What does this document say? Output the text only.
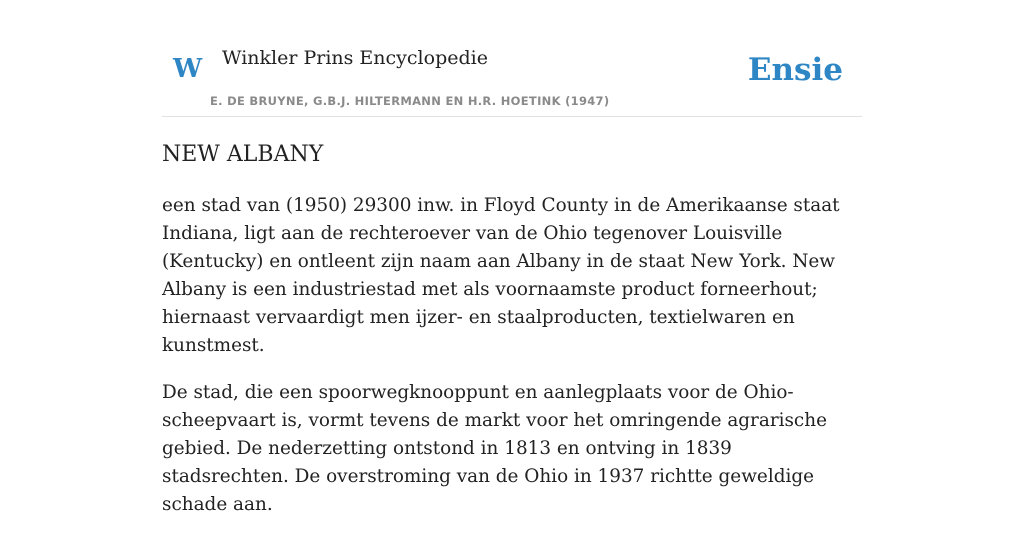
W Winkler Prins Encyclopedie
E. DE BRUYNE, G.B.J. HILTERMANN EN H.R. HOETINK (1947)
Ensie
NEW ALBANY

een stad van (1950) 29300 inw. in Floyd County in de Amerikaanse staat Indiana, ligt aan de rechteroever van de Ohio tegenover Louisville (Kentucky) en ontleent zijn naam aan Albany in de staat New York. New Albany is een industriestad met als voornaamste product forneerhout; hiernaast vervaardigt men ijzer- en staalproducten, textielwaren en kunstmest.

De stad, die een spoorwegknooppunt en aanlegplaats voor de Ohio-scheepvaart is, vormt tevens de markt voor het omringende agrarische gebied. De nederzetting ontstond in 1813 en ontving in 1839 stadsrechten. De overstroming van de Ohio in 1937 richtte geweldige schade aan.
